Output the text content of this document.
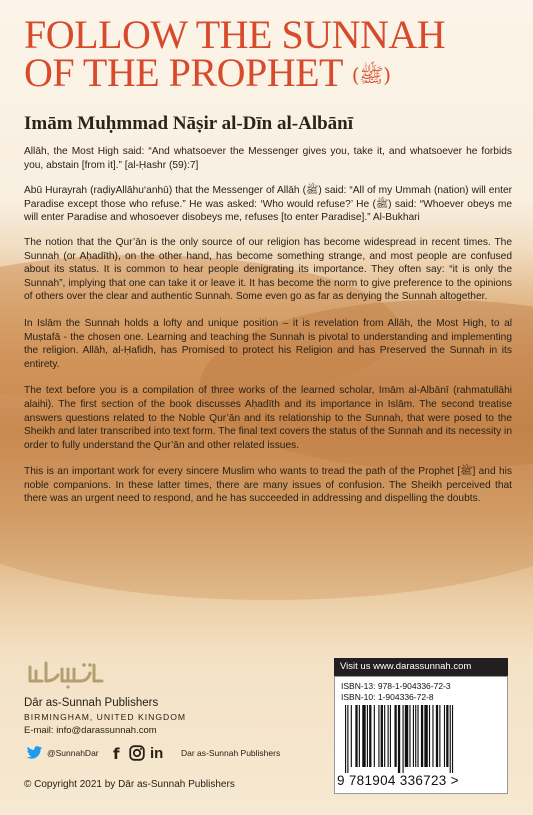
FOLLOW THE SUNNAH
OF THE PROPHET (ﷺ)
Imām Muḥmmad Nāṣir al-Dīn al-Albānī

Allāh, the Most High said: “And whatsoever the Messenger gives you, take it, and whatsoever he forbids you, abstain [from it].” [al-Ḥashr (59):7]

Abū Hurayrah (raḍiyAllāhu‘anhū) that the Messenger of Allāh (ﷺ) said: “All of my Ummah (nation) will enter Paradise except those who refuse.” He was asked: ‘Who would refuse?’ He (ﷺ) said: “Whoever obeys me will enter Paradise and whosoever disobeys me, refuses [to enter Paradise].” Al-Bukhari

The notion that the Qur’ān is the only source of our religion has become widespread in recent times. The Sunnah (or Aḥadīth), on the other hand, has become something strange, and most people are confused about its status. It is common to hear people denigrating its importance. They often say: “it is only the Sunnah”, implying that one can take it or leave it. It has become the norm to give preference to the opinions of others over the clear and authentic Sunnah. Some even go as far as denying the Sunnah altogether.

In Islām the Sunnah holds a lofty and unique position – it is revelation from Allāh, the Most High, to al Muṣtafā - the chosen one. Learning and teaching the Sunnah is pivotal to understanding and implementing the religion. Allāh, al-Ḥafidh, has Promised to protect his Religion and has Preserved the Sunnah in its entirety.

The text before you is a compilation of three works of the learned scholar, Imām al-Albānī (rahmatullāhi alaihi). The first section of the book discusses Aḥadīth and its importance in Islām. The second treatise answers questions related to the Noble Qur’ān and its relationship to the Sunnah, that were posed to the Sheikh and later transcribed into text form. The final text covers the status of the Sunnah and its necessity in order to fully understand the Qur’ān and other related issues.

This is an important work for every sincere Muslim who wants to tread the path of the Prophet [ﷺ] and his noble companions. In these latter times, there are many issues of confusion. The Sheikh perceived that there was an urgent need to respond, and he has succeeded in addressing and dispelling the doubts.

Dār as-Sunnah Publishers
BIRMINGHAM, UNITED KINGDOM
E-mail: info@darassunnah.com
@SunnahDar f in Dar as-Sunnah Publishers
© Copyright 2021 by Dār as-Sunnah Publishers
Visit us www.darassunnah.com
ISBN-13: 978-1-904336-72-3
ISBN-10: 1-904336-72-8
9 781904 336723 >
